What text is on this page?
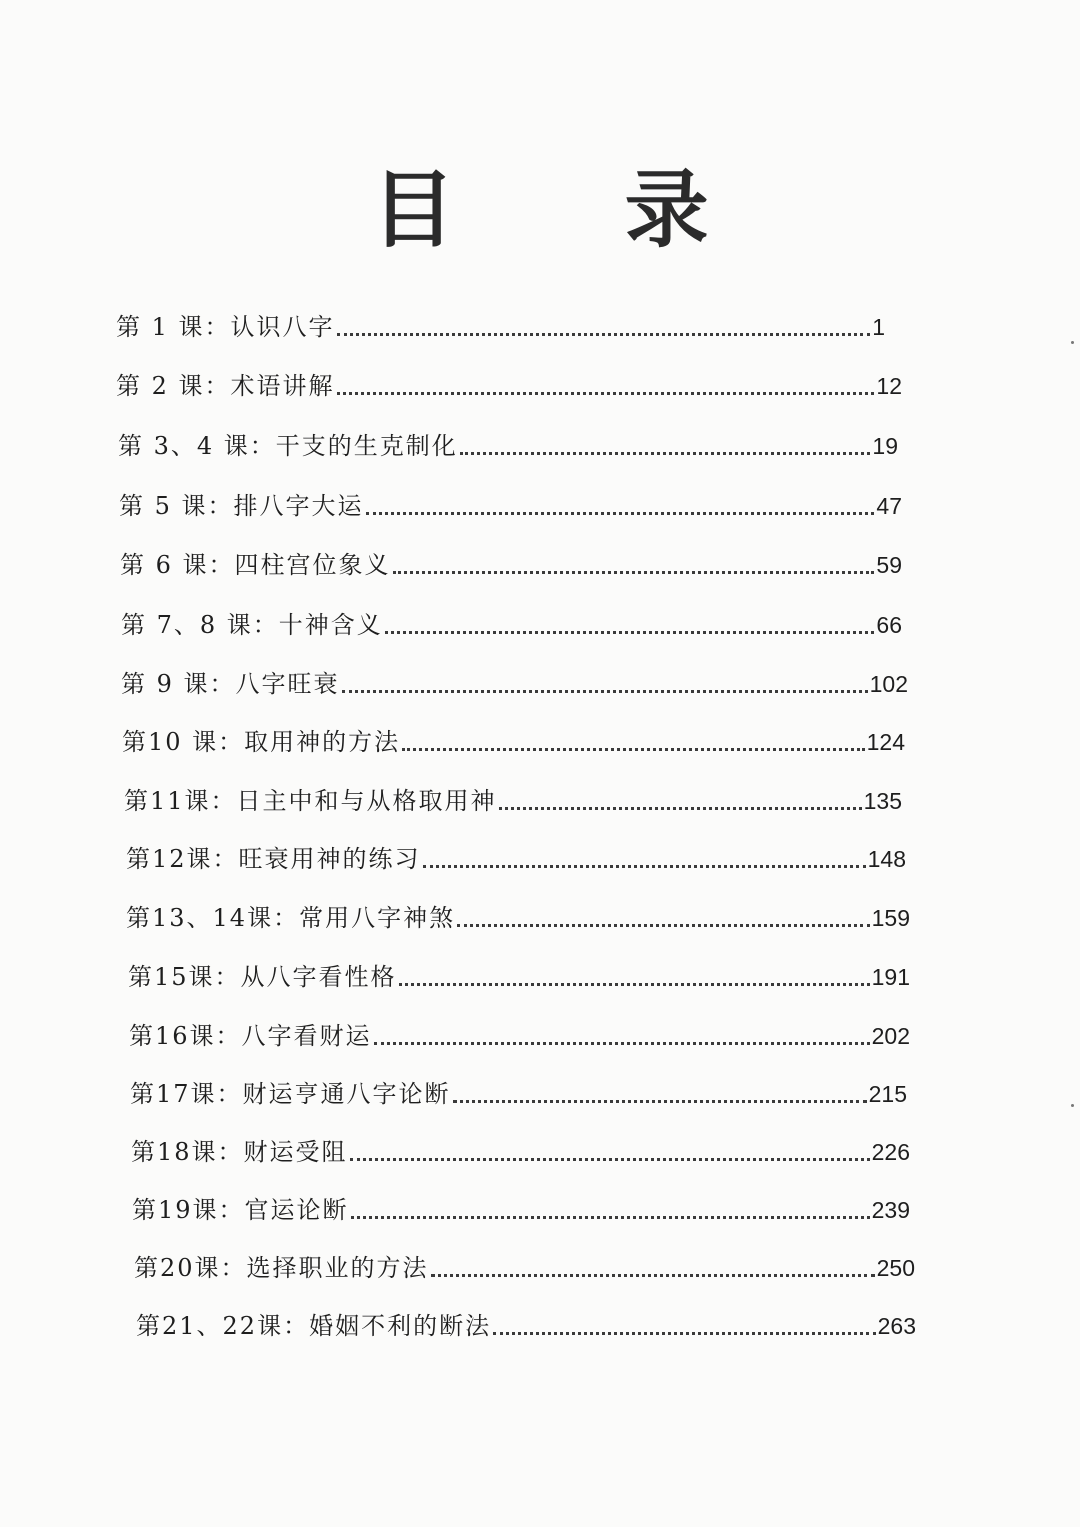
目 录
第 1 课：认识八字	1
第 2 课：术语讲解	12
第 3、4 课：干支的生克制化	19
第 5 课：排八字大运	47
第 6 课：四柱宫位象义	59
第 7、8 课：十神含义	66
第 9 课：八字旺衰	102
第10 课：取用神的方法	124
第11课：日主中和与从格取用神	135
第12课：旺衰用神的练习	148
第13、14课：常用八字神煞	159
第15课：从八字看性格	191
第16课：八字看财运	202
第17课：财运亨通八字论断	215
第18课：财运受阻	226
第19课：官运论断	239
第20课：选择职业的方法	250
第21、22课：婚姻不利的断法	263
